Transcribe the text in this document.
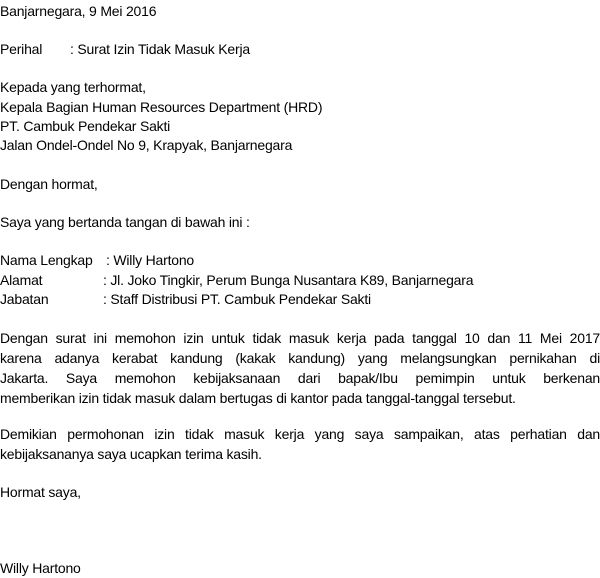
Banjarnegara, 9 Mei 2016
Perihal : Surat Izin Tidak Masuk Kerja
Kepada yang terhormat,
Kepala Bagian Human Resources Department (HRD)
PT. Cambuk Pendekar Sakti
Jalan Ondel-Ondel No 9, Krapyak, Banjarnegara
Dengan hormat,
Saya yang bertanda tangan di bawah ini :
Nama Lengkap : Willy Hartono
Alamat	: Jl. Joko Tingkir, Perum Bunga Nusantara K89, Banjarnegara
Jabatan	: Staff Distribusi PT. Cambuk Pendekar Sakti
Dengan surat ini memohon izin untuk tidak masuk kerja pada tanggal 10 dan 11 Mei 2017
karena adanya kerabat kandung (kakak kandung) yang melangsungkan pernikahan di
Jakarta. Saya memohon kebijaksanaan dari bapak/Ibu pemimpin untuk berkenan
memberikan izin tidak masuk dalam bertugas di kantor pada tanggal-tanggal tersebut.
Demikian permohonan izin tidak masuk kerja yang saya sampaikan, atas perhatian dan
kebijaksananya saya ucapkan terima kasih.
Hormat saya,
Willy Hartono
